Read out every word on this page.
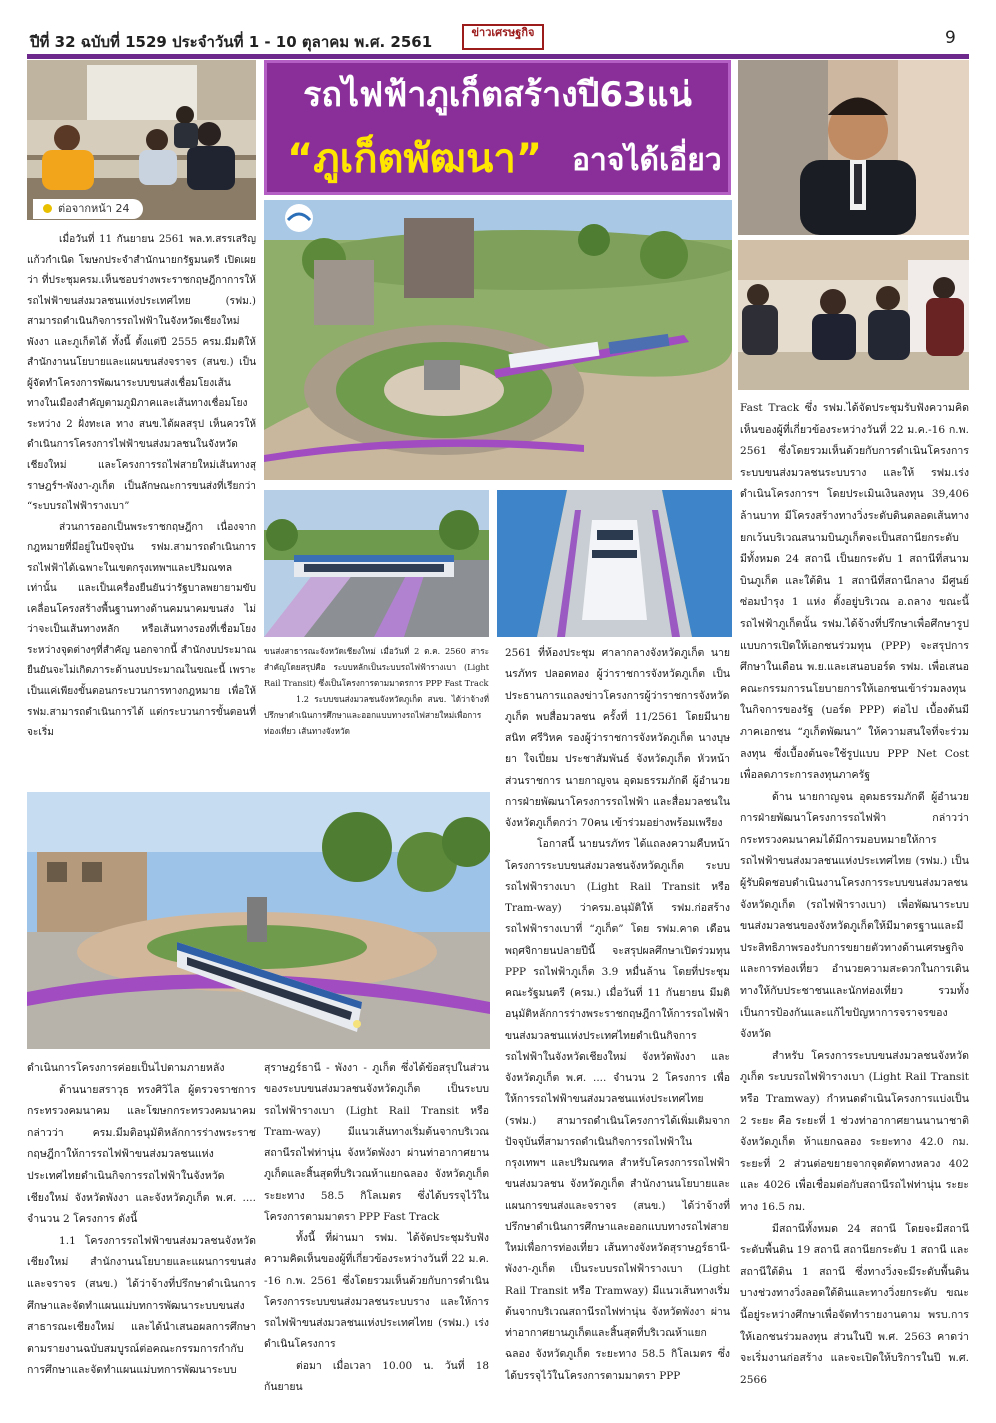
ปีที่ 32 ฉบับที่ 1529 ประจำวันที่ 1 - 10 ตุลาคม พ.ศ. 2561
ข่าวเศรษฐกิจ	9
ต่อจากหน้า 24
รถไฟฟ้าภูเก็ตสร้างปี63แน่
“ภูเก็ตพัฒนา” อาจได้เอี่ยว

เมื่อวันที่ 11 กันยายน 2561 พล.ท.สรรเสริญ แก้วกำเนิด โฆษกประจำสำนักนายกรัฐมนตรี เปิดเผยว่า ที่ประชุมครม.เห็นชอบร่างพระราชกฤษฎีกาการให้รถไฟฟ้าขนส่งมวลชนแห่งประเทศไทย (รฟม.) สามารถดำเนินกิจการรถไฟฟ้าในจังหวัดเชียงใหม่ พังงา และภูเก็ตได้ ทั้งนี้ ตั้งแต่ปี 2555 ครม.มีมติให้สำนักงานนโยบายและแผนขนส่งจราจร (สนข.) เป็นผู้จัดทำโครงการพัฒนาระบบขนส่งเชื่อมโยงเส้นทางในเมืองสำคัญตามภูมิภาคและเส้นทางเชื่อมโยงระหว่าง 2 ฝั่งทะเล ทาง สนข.ได้ผลสรุป เห็นควรให้ดำเนินการโครงการไฟฟ้าขนส่งมวลชนในจังหวัดเชียงใหม่ และโครงการรถไฟสายใหม่เส้นทางสุราษฎร์ฯ-พังงา-ภูเก็ต เป็นลักษณะการขนส่งที่เรียกว่า “ระบบรถไฟฟ้ารางเบา”

ส่วนการออกเป็นพระราชกฤษฎีกา เนื่องจากกฎหมายที่มีอยู่ในปัจจุบัน รฟม.สามารถดำเนินการรถไฟฟ้าได้เฉพาะในเขตกรุงเทพฯและปริมณฑลเท่านั้น และเป็นเครื่องยืนยันว่ารัฐบาลพยายามขับเคลื่อนโครงสร้างพื้นฐานทางด้านคมนาคมขนส่ง ไม่ว่าจะเป็นเส้นทางหลัก หรือเส้นทางรองที่เชื่อมโยงระหว่างจุดต่างๆที่สำคัญ นอกจากนี้ สำนักงบประมาณยืนยันจะไม่เกิดภาระด้านงบประมาณในขณะนี้ เพราะเป็นแค่เพียงขั้นตอนกระบวนการทางกฎหมาย เพื่อให้ รฟม.สามารถดำเนินการได้ แต่กระบวนการขั้นตอนที่จะเริ่ม

ขนส่งสาธารณะจังหวัดเชียงใหม่ เมื่อวันที่ 2 ต.ค. 2560 สาระสำคัญโดยสรุปคือ ระบบหลักเป็นระบบรถไฟฟ้ารางเบา (Light Rail Transit) ซึ่งเป็นโครงการตามมาตรการ PPP Fast Track

1.2 ระบบขนส่งมวลชนจังหวัดภูเก็ต สนข. ได้ว่าจ้างที่ปรึกษาดำเนินการศึกษาและออกแบบทางรถไฟสายใหม่เพื่อการท่องเที่ยว เส้นทางจังหวัด

ดำเนินการโครงการค่อยเป็นไปตามภายหลัง

ด้านนายสราวุธ ทรงศิวิไล ผู้ตรวจราชการกระทรวงคมนาคม และโฆษกกระทรวงคมนาคม กล่าวว่า ครม.มีมติอนุมัติหลักการร่างพระราชกฤษฎีกาให้การรถไฟฟ้าขนส่งมวลชนแห่งประเทศไทยดำเนินกิจการรถไฟฟ้าในจังหวัดเชียงใหม่ จังหวัดพังงา และจังหวัดภูเก็ต พ.ศ. .... จำนวน 2 โครงการ ดังนี้

1.1 โครงการรถไฟฟ้าขนส่งมวลชนจังหวัดเชียงใหม่ สำนักงานนโยบายและแผนการขนส่ง และจราจร (สนข.) ได้ว่าจ้างที่ปรึกษาดำเนินการศึกษาและจัดทำแผนแม่บทการพัฒนาระบบขนส่งสาธารณะเชียงใหม่ และได้นำเสนอผลการศึกษาตามรายงานฉบับสมบูรณ์ต่อคณะกรรมการกำกับการศึกษาและจัดทำแผนแม่บทการพัฒนาระบบ

สุราษฎร์ธานี - พังงา - ภูเก็ต ซึ่งได้ข้อสรุปในส่วนของระบบขนส่งมวลชนจังหวัดภูเก็ต เป็นระบบรถไฟฟ้ารางเบา (Light Rail Transit หรือ Tram-way) มีแนวเส้นทางเริ่มต้นจากบริเวณสถานีรถไฟท่านุ่น จังหวัดพังงา ผ่านท่าอากาศยานภูเก็ตและสิ้นสุดที่บริเวณห้าแยกฉลอง จังหวัดภูเก็ต ระยะทาง 58.5 กิโลเมตร ซึ่งได้บรรจุไว้ในโครงการตามมาตรา PPP Fast Track

ทั้งนี้ ที่ผ่านมา รฟม. ได้จัดประชุมรับฟังความคิดเห็นของผู้ที่เกี่ยวข้องระหว่างวันที่ 22 ม.ค. -16 ก.พ. 2561 ซึ่งโดยรวมเห็นด้วยกับการดำเนินโครงการระบบขนส่งมวลชนระบบราง และให้การรถไฟฟ้าขนส่งมวลชนแห่งประเทศไทย (รฟม.) เร่งดำเนินโครงการ

ต่อมา เมื่อเวลา 10.00 น. วันที่ 18 กันยายน

2561 ที่ห้องประชุม ศาลากลางจังหวัดภูเก็ต นายนรภัทร ปลอดทอง ผู้ว่าราชการจังหวัดภูเก็ต เป็นประธานการแถลงข่าวโครงการผู้ว่าราชการจังหวัดภูเก็ต พบสื่อมวลชน ครั้งที่ 11/2561 โดยมีนายสนิท ศรีวิหค รองผู้ว่าราชการจังหวัดภูเก็ต นางบุษยา ใจเปี่ยม ประชาสัมพันธ์ จังหวัดภูเก็ต หัวหน้าส่วนราชการ นายกาญจน อุดมธรรมภักดี ผู้อำนวยการฝ่ายพัฒนาโครงการรถไฟฟ้า และสื่อมวลชนในจังหวัดภูเก็ตกว่า 70คน เข้าร่วมอย่างพร้อมเพรียง

โอกาสนี้ นายนรภัทร ได้แถลงความคืบหน้าโครงการระบบขนส่งมวลชนจังหวัดภูเก็ต ระบบรถไฟฟ้ารางเบา (Light Rail Transit หรือ Tram-way) ว่าครม.อนุมัติให้ รฟม.ก่อสร้างรถไฟฟ้ารางเบาที่ “ภูเก็ต” โดย รฟม.คาด เดือนพฤศจิกายนปลายปีนี้ จะสรุปผลศึกษาเปิดร่วมทุน PPP รถไฟฟ้าภูเก็ต 3.9 หมื่นล้าน โดยที่ประชุมคณะรัฐมนตรี (ครม.) เมื่อวันที่ 11 กันยายน มีมติอนุมัติหลักการร่างพระราชกฤษฎีกาให้การรถไฟฟ้าขนส่งมวลชนแห่งประเทศไทยดำเนินกิจการรถไฟฟ้าในจังหวัดเชียงใหม่ จังหวัดพังงา และจังหวัดภูเก็ต พ.ศ. .... จำนวน 2 โครงการ เพื่อให้การรถไฟฟ้าขนส่งมวลชนแห่งประเทศไทย (รฟม.) สามารถดำเนินโครงการได้เพิ่มเติมจากปัจจุบันที่สามารถดำเนินกิจการรถไฟฟ้าในกรุงเทพฯ และปริมณฑล สำหรับโครงการรถไฟฟ้าขนส่งมวลชน จังหวัดภูเก็ต สำนักงานนโยบายและแผนการขนส่งและจราจร (สนข.) ได้ว่าจ้างที่ปรึกษาดำเนินการศึกษาและออกแบบทางรถไฟสายใหม่เพื่อการท่องเที่ยว เส้นทางจังหวัดสุราษฎร์ธานี-พังงา-ภูเก็ต เป็นระบบรถไฟฟ้ารางเบา (Light Rail Transit หรือ Tramway) มีแนวเส้นทางเริ่มต้นจากบริเวณสถานีรถไฟท่านุ่น จังหวัดพังงา ผ่านท่าอากาศยานภูเก็ตและสิ้นสุดที่บริเวณห้าแยกฉลอง จังหวัดภูเก็ต ระยะทาง 58.5 กิโลเมตร ซึ่งได้บรรจุไว้ในโครงการตามมาตรา PPP

Fast Track ซึ่ง รฟม.ได้จัดประชุมรับฟังความคิดเห็นของผู้ที่เกี่ยวข้องระหว่างวันที่ 22 ม.ค.-16 ก.พ. 2561 ซึ่งโดยรวมเห็นด้วยกับการดำเนินโครงการระบบขนส่งมวลชนระบบราง และให้ รฟม.เร่งดำเนินโครงการฯ โดยประเมินเงินลงทุน 39,406 ล้านบาท มีโครงสร้างทางวิ่งระดับดินตลอดเส้นทาง ยกเว้นบริเวณสนามบินภูเก็ตจะเป็นสถานียกระดับ มีทั้งหมด 24 สถานี เป็นยกระดับ 1 สถานีที่สนามบินภูเก็ต และใต้ดิน 1 สถานีที่สถานีกลาง มีศูนย์ซ่อมบำรุง 1 แห่ง ตั้งอยู่บริเวณ อ.ถลาง ขณะนี้รถไฟฟ้าภูเก็ตนั้น รฟม.ได้จ้างที่ปรึกษาเพื่อศึกษารูปแบบการเปิดให้เอกชนร่วมทุน (PPP) จะสรุปการศึกษาในเดือน พ.ย.และเสนอบอร์ด รฟม. เพื่อเสนอคณะกรรมการนโยบายการให้เอกชนเข้าร่วมลงทุนในกิจการของรัฐ (บอร์ด PPP) ต่อไป เบื้องต้นมีภาคเอกชน “ภูเก็ตพัฒนา” ให้ความสนใจที่จะร่วมลงทุน ซึ่งเบื้องต้นจะใช้รูปแบบ PPP Net Cost เพื่อลดภาระการลงทุนภาครัฐ

ด้าน นายกาญจน อุดมธรรมภักดี ผู้อำนวยการฝ่ายพัฒนาโครงการรถไฟฟ้า กล่าวว่า กระทรวงคมนาคมได้มีการมอบหมายให้การรถไฟฟ้าขนส่งมวลชนแห่งประเทศไทย (รฟม.) เป็นผู้รับผิดชอบดำเนินงานโครงการระบบขนส่งมวลชนจังหวัดภูเก็ต (รถไฟฟ้ารางเบา) เพื่อพัฒนาระบบขนส่งมวลชนของจังหวัดภูเก็ตให้มีมาตรฐานและมีประสิทธิภาพรองรับการขยายตัวทางด้านเศรษฐกิจและการท่องเที่ยว อำนวยความสะดวกในการเดินทางให้กับประชาชนและนักท่องเที่ยว รวมทั้งเป็นการป้องกันและแก้ไขปัญหาการจราจรของจังหวัด

สำหรับ โครงการระบบขนส่งมวลชนจังหวัดภูเก็ต ระบบรถไฟฟ้ารางเบา (Light Rail Transit หรือ Tramway) กำหนดดำเนินโครงการแบ่งเป็น 2 ระยะ คือ ระยะที่ 1 ช่วงท่าอากาศยานนานาชาติจังหวัดภูเก็ต ห้าแยกฉลอง ระยะทาง 42.0 กม. ระยะที่ 2 ส่วนต่อขยายจากจุดตัดทางหลวง 402 และ 4026 เพื่อเชื่อมต่อกับสถานีรถไฟท่านุ่น ระยะทาง 16.5 กม.

มีสถานีทั้งหมด 24 สถานี โดยจะมีสถานีระดับพื้นดิน 19 สถานี สถานียกระดับ 1 สถานี และสถานีใต้ดิน 1 สถานี ซึ่งทางวิ่งจะมีระดับพื้นดิน บางช่วงทางวิ่งลอดใต้ดินและทางวิ่งยกระดับ ขณะนี้อยู่ระหว่างศึกษาเพื่อจัดทำรายงานตาม พรบ.การให้เอกชนร่วมลงทุน ส่วนในปี พ.ศ. 2563 คาดว่าจะเริ่มงานก่อสร้าง และจะเปิดให้บริการในปี พ.ศ. 2566
